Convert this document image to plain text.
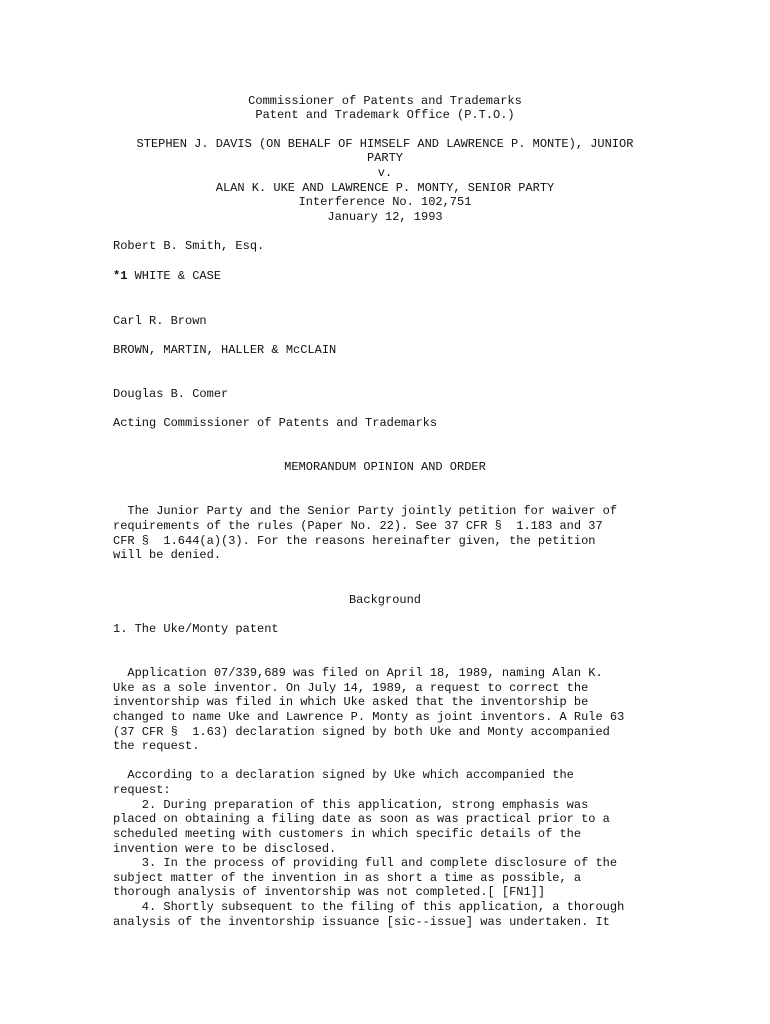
Commissioner of Patents and Trademarks

Patent and Trademark Office (P.T.O.)

STEPHEN J. DAVIS (ON BEHALF OF HIMSELF AND LAWRENCE P. MONTE), JUNIOR

PARTY

v.

ALAN K. UKE AND LAWRENCE P. MONTY, SENIOR PARTY

Interference No. 102,751

January 12, 1993

Robert B. Smith, Esq.

*1 WHITE & CASE

Carl R. Brown

BROWN, MARTIN, HALLER & McCLAIN

Douglas B. Comer

Acting Commissioner of Patents and Trademarks

MEMORANDUM OPINION AND ORDER

The Junior Party and the Senior Party jointly petition for waiver of

requirements of the rules (Paper No. 22). See 37 CFR §  1.183 and 37

CFR §  1.644(a)(3). For the reasons hereinafter given, the petition

will be denied.

Background

1. The Uke/Monty patent

Application 07/339,689 was filed on April 18, 1989, naming Alan K.

Uke as a sole inventor. On July 14, 1989, a request to correct the

inventorship was filed in which Uke asked that the inventorship be

changed to name Uke and Lawrence P. Monty as joint inventors. A Rule 63

(37 CFR §  1.63) declaration signed by both Uke and Monty accompanied

the request.

According to a declaration signed by Uke which accompanied the

request:

2. During preparation of this application, strong emphasis was

placed on obtaining a filing date as soon as was practical prior to a

scheduled meeting with customers in which specific details of the

invention were to be disclosed.

3. In the process of providing full and complete disclosure of the

subject matter of the invention in as short a time as possible, a

thorough analysis of inventorship was not completed.[ [FN1]]

4. Shortly subsequent to the filing of this application, a thorough

analysis of the inventorship issuance [sic--issue] was undertaken. It
